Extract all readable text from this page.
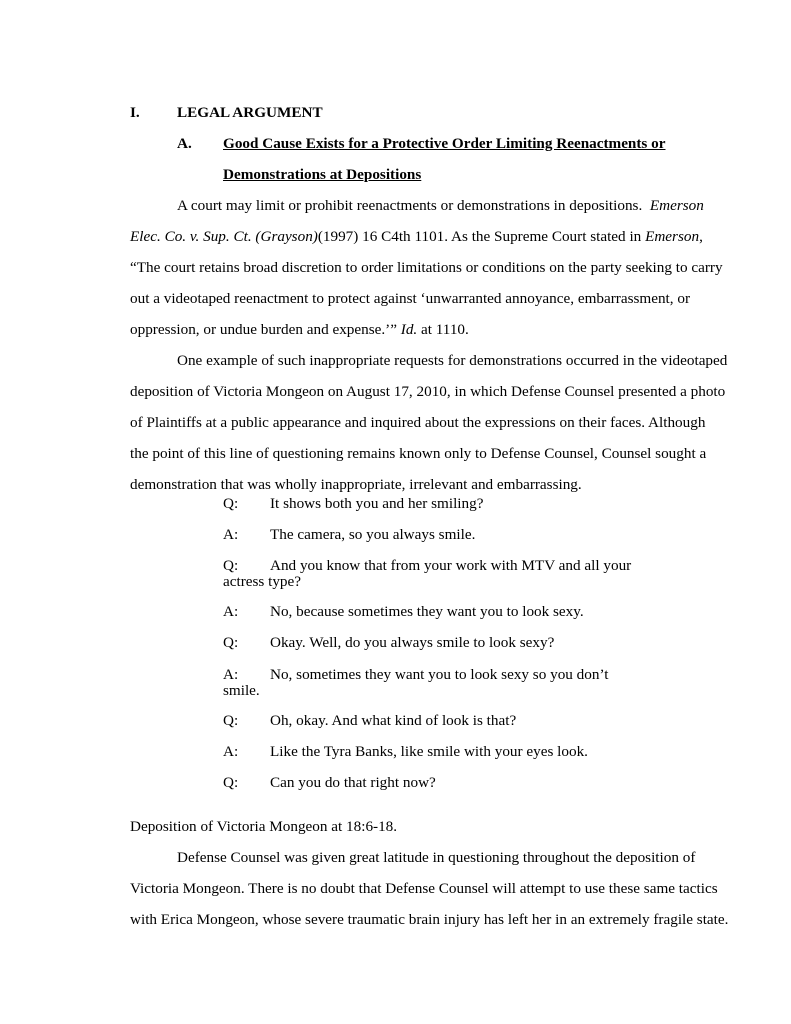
I. LEGAL ARGUMENT
A. Good Cause Exists for a Protective Order Limiting Reenactments or
Demonstrations at Depositions
A court may limit or prohibit reenactments or demonstrations in depositions. Emerson
Elec. Co. v. Sup. Ct. (Grayson)(1997) 16 C4th 1101. As the Supreme Court stated in Emerson,
“The court retains broad discretion to order limitations or conditions on the party seeking to carry
out a videotaped reenactment to protect against ‘unwarranted annoyance, embarrassment, or
oppression, or undue burden and expense.’” Id. at 1110.
One example of such inappropriate requests for demonstrations occurred in the videotaped
deposition of Victoria Mongeon on August 17, 2010, in which Defense Counsel presented a photo
of Plaintiffs at a public appearance and inquired about the expressions on their faces. Although
the point of this line of questioning remains known only to Defense Counsel, Counsel sought a
demonstration that was wholly inappropriate, irrelevant and embarrassing.
Q: It shows both you and her smiling?
A: The camera, so you always smile.
Q: And you know that from your work with MTV and all your
actress type?
A: No, because sometimes they want you to look sexy.
Q: Okay. Well, do you always smile to look sexy?
A: No, sometimes they want you to look sexy so you don’t
smile.
Q: Oh, okay. And what kind of look is that?
A: Like the Tyra Banks, like smile with your eyes look.
Q: Can you do that right now?
Deposition of Victoria Mongeon at 18:6-18.
Defense Counsel was given great latitude in questioning throughout the deposition of
Victoria Mongeon. There is no doubt that Defense Counsel will attempt to use these same tactics
with Erica Mongeon, whose severe traumatic brain injury has left her in an extremely fragile state.
